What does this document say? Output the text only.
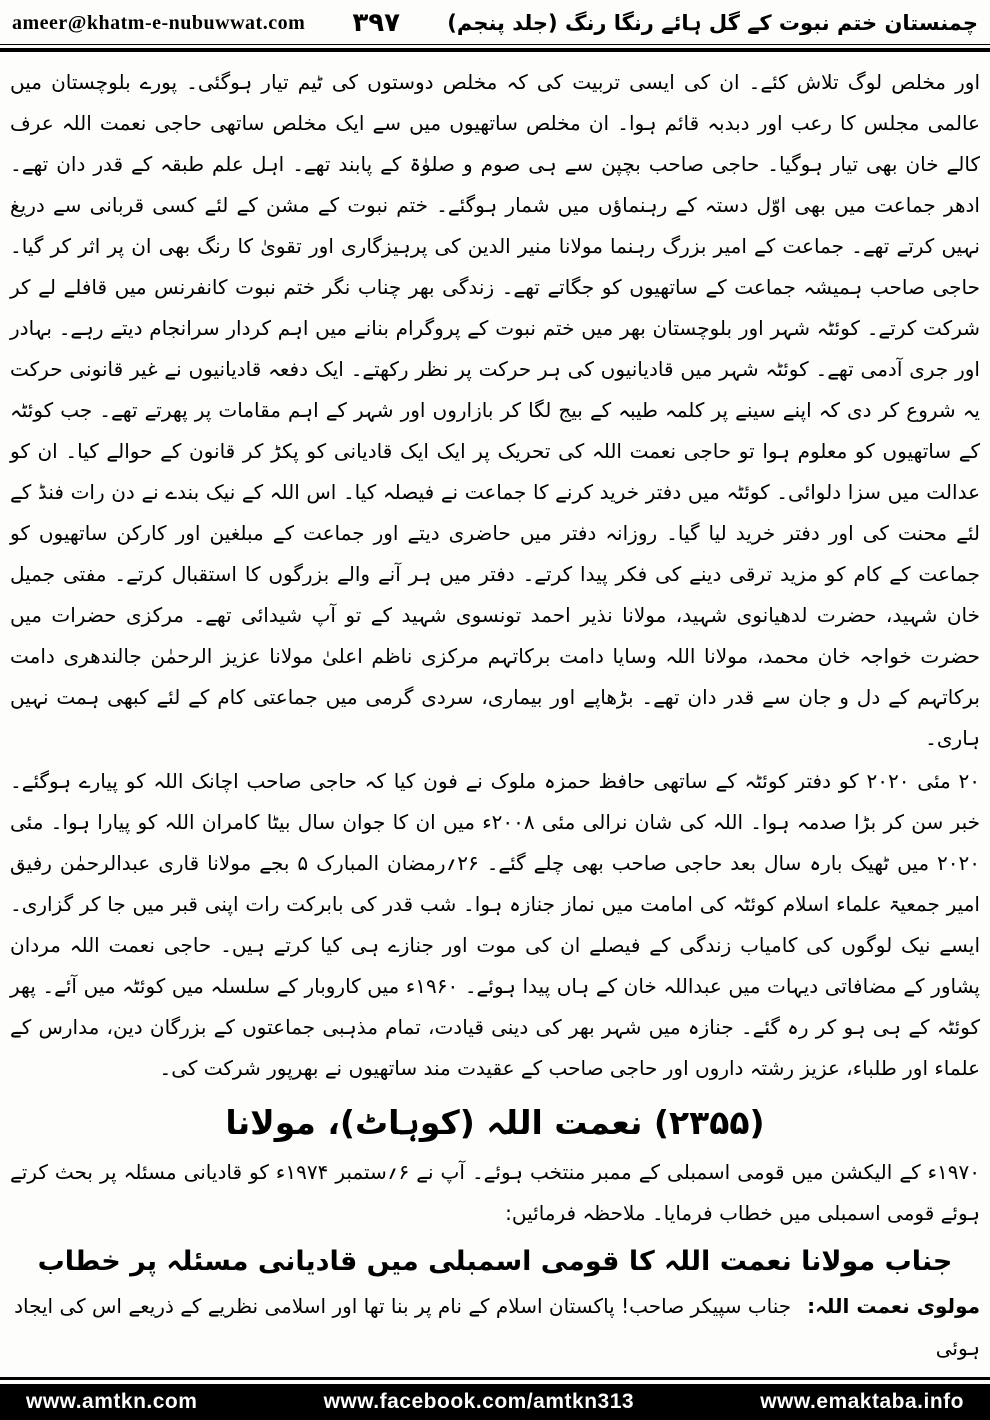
ameer@khatm-e-nubuwwat.com ۳۹۷ چمنستان ختم نبوت کے گل ہائے رنگا رنگ (جلد پنجم)

اور مخلص لوگ تلاش کئے۔ ان کی ایسی تربیت کی کہ مخلص دوستوں کی ٹیم تیار ہوگئی۔ پورے بلوچستان میں عالمی مجلس کا رعب اور دبدبہ قائم ہوا۔ ان مخلص ساتھیوں میں سے ایک مخلص ساتھی حاجی نعمت اللہ عرف کالے خان بھی تیار ہوگیا۔ حاجی صاحب بچپن سے ہی صوم و صلوٰۃ کے پابند تھے۔ اہل علم طبقہ کے قدر دان تھے۔ ادھر جماعت میں بھی اوّل دستہ کے رہنماؤں میں شمار ہوگئے۔ ختم نبوت کے مشن کے لئے کسی قربانی سے دریغ نہیں کرتے تھے۔ جماعت کے امیر بزرگ رہنما مولانا منیر الدین کی پرہیزگاری اور تقویٰ کا رنگ بھی ان پر اثر کر گیا۔ حاجی صاحب ہمیشہ جماعت کے ساتھیوں کو جگاتے تھے۔ زندگی بھر چناب نگر ختم نبوت کانفرنس میں قافلے لے کر شرکت کرتے۔ کوئٹہ شہر اور بلوچستان بھر میں ختم نبوت کے پروگرام بنانے میں اہم کردار سرانجام دیتے رہے۔ بہادر اور جری آدمی تھے۔ کوئٹہ شہر میں قادیانیوں کی ہر حرکت پر نظر رکھتے۔ ایک دفعہ قادیانیوں نے غیر قانونی حرکت یہ شروع کر دی کہ اپنے سینے پر کلمہ طیبہ کے بیج لگا کر بازاروں اور شہر کے اہم مقامات پر پھرتے تھے۔ جب کوئٹہ کے ساتھیوں کو معلوم ہوا تو حاجی نعمت اللہ کی تحریک پر ایک ایک قادیانی کو پکڑ کر قانون کے حوالے کیا۔ ان کو عدالت میں سزا دلوائی۔ کوئٹہ میں دفتر خرید کرنے کا جماعت نے فیصلہ کیا۔ اس اللہ کے نیک بندے نے دن رات فنڈ کے لئے محنت کی اور دفتر خرید لیا گیا۔ روزانہ دفتر میں حاضری دیتے اور جماعت کے مبلغین اور کارکن ساتھیوں کو جماعت کے کام کو مزید ترقی دینے کی فکر پیدا کرتے۔ دفتر میں ہر آنے والے بزرگوں کا استقبال کرتے۔ مفتی جمیل خان شہید، حضرت لدھیانوی شہید، مولانا نذیر احمد تونسوی شہید کے تو آپ شیدائی تھے۔ مرکزی حضرات میں حضرت خواجہ خان محمد، مولانا اللہ وسایا دامت برکاتہم مرکزی ناظم اعلیٰ مولانا عزیز الرحمٰن جالندھری دامت برکاتہم کے دل و جان سے قدر دان تھے۔ بڑھاپے اور بیماری، سردی گرمی میں جماعتی کام کے لئے کبھی ہمت نہیں ہاری۔

۲۰ مئی ۲۰۲۰ کو دفتر کوئٹہ کے ساتھی حافظ حمزہ ملوک نے فون کیا کہ حاجی صاحب اچانک اللہ کو پیارے ہوگئے۔ خبر سن کر بڑا صدمہ ہوا۔ اللہ کی شان نرالی مئی ۲۰۰۸ء میں ان کا جوان سال بیٹا کامران اللہ کو پیارا ہوا۔ مئی ۲۰۲۰ میں ٹھیک بارہ سال بعد حاجی صاحب بھی چلے گئے۔ ۲۶؍رمضان المبارک ۵ بجے مولانا قاری عبدالرحمٰن رفیق امیر جمعیۃ علماء اسلام کوئٹہ کی امامت میں نماز جنازہ ہوا۔ شب قدر کی بابرکت رات اپنی قبر میں جا کر گزاری۔ ایسے نیک لوگوں کی کامیاب زندگی کے فیصلے ان کی موت اور جنازے ہی کیا کرتے ہیں۔ حاجی نعمت اللہ مردان پشاور کے مضافاتی دیہات میں عبداللہ خان کے ہاں پیدا ہوئے۔ ۱۹۶۰ء میں کاروبار کے سلسلہ میں کوئٹہ میں آئے۔ پھر کوئٹہ کے ہی ہو کر رہ گئے۔ جنازہ میں شہر بھر کی دینی قیادت، تمام مذہبی جماعتوں کے بزرگان دین، مدارس کے علماء اور طلباء، عزیز رشتہ داروں اور حاجی صاحب کے عقیدت مند ساتھیوں نے بھرپور شرکت کی۔

(۲۳۵۵) نعمت اللہ (کوہاٹ)، مولانا

۱۹۷۰ء کے الیکشن میں قومی اسمبلی کے ممبر منتخب ہوئے۔ آپ نے ۶؍ستمبر ۱۹۷۴ء کو قادیانی مسئلہ پر بحث کرتے ہوئے قومی اسمبلی میں خطاب فرمایا۔ ملاحظہ فرمائیں:

جناب مولانا نعمت اللہ کا قومی اسمبلی میں قادیانی مسئلہ پر خطاب

مولوی نعمت اللہ:جناب سپیکر صاحب! پاکستان اسلام کے نام پر بنا تھا اور اسلامی نظریے کے ذریعے اس کی ایجاد ہوئی

www.amtkn.com	www.facebook.com/amtkn313	www.emaktaba.info
